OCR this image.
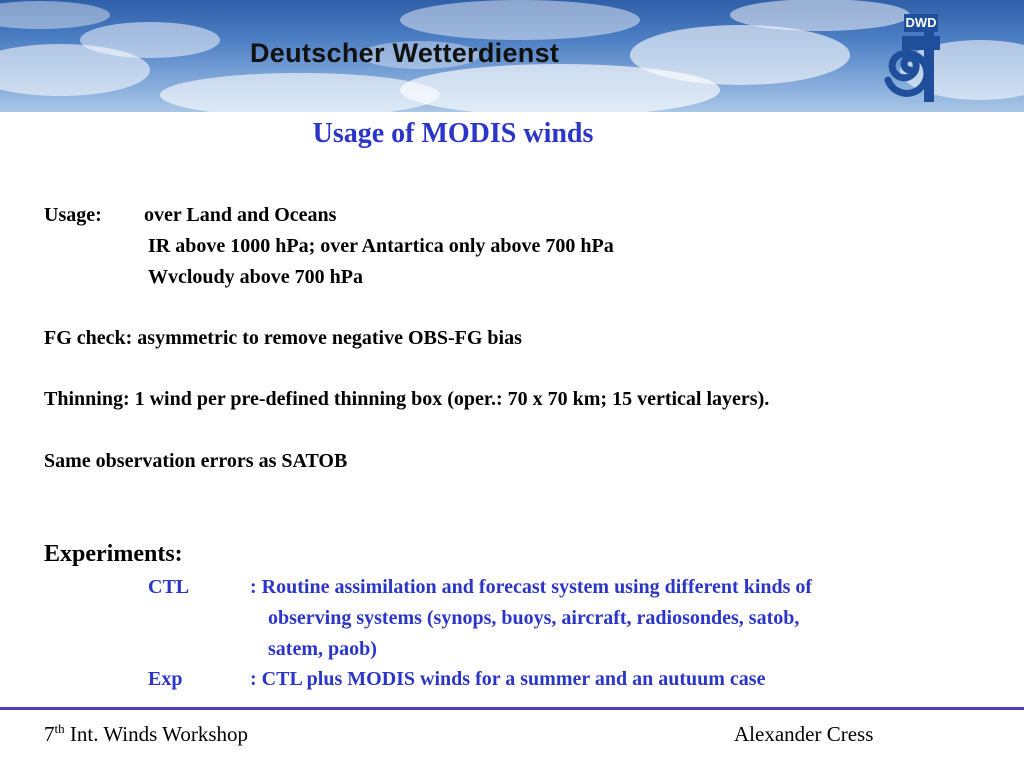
Deutscher Wetterdienst
DWD
Usage of MODIS winds
Usage: over Land and Oceans
IR above 1000 hPa; over Antartica only above 700 hPa
Wvcloudy above 700 hPa
FG check: asymmetric to remove negative OBS-FG bias
Thinning: 1 wind per pre-defined thinning box (oper.: 70 x 70 km; 15 vertical layers).
Same observation errors as SATOB
Experiments:
CTL	: Routine assimilation and forecast system using different kinds of
observing systems (synops, buoys, aircraft, radiosondes, satob,
satem, paob)
Exp	: CTL plus MODIS winds for a summer and an autuum case
7th Int. Winds Workshop	Alexander Cress
